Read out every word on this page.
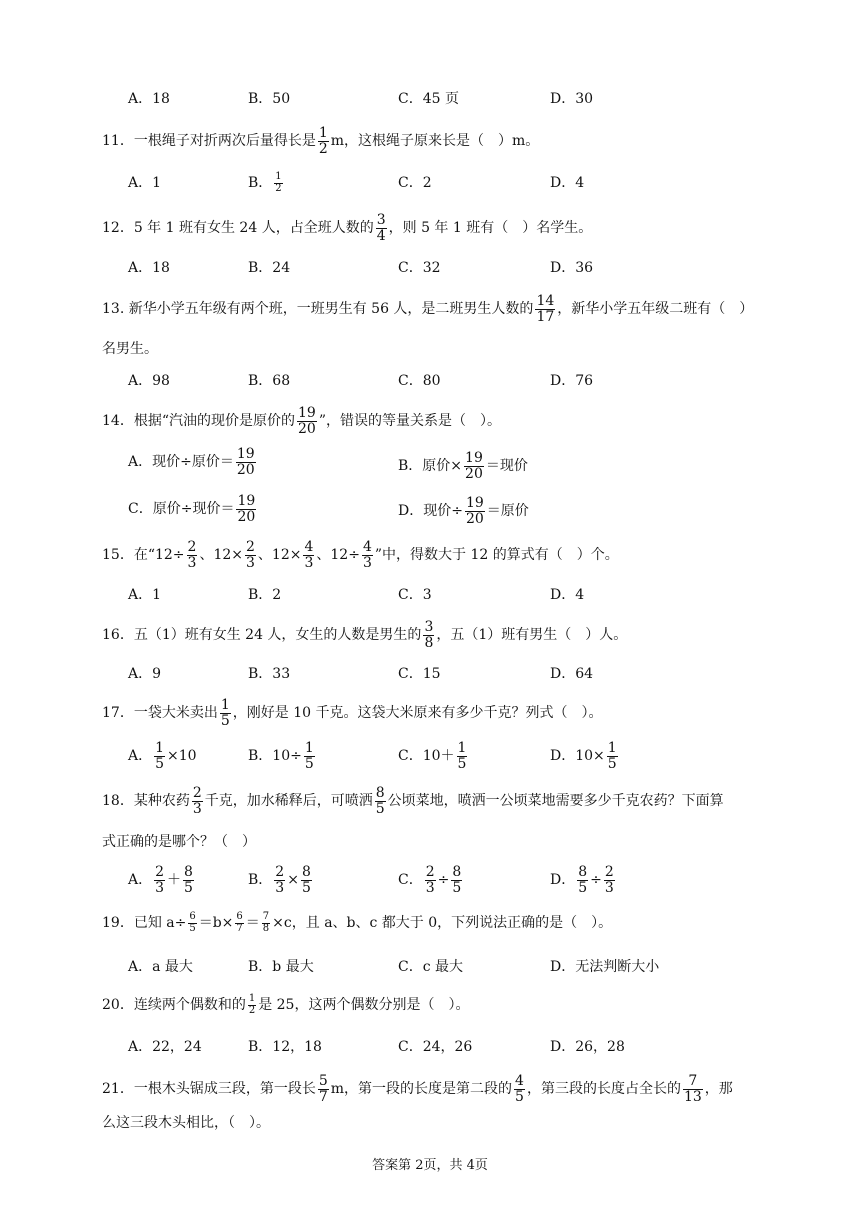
A．18	B．50	C．45 页	D．30
11．一根绳子对折两次后量得长是 $\frac{1}{2}$ m，这根绳子原来长是（　）m。
A．1	B． $\frac{1}{2}$	C．2	D．4
12．5 年 1 班有女生 24 人，占全班人数的 $\frac{3}{4}$ ，则 5 年 1 班有（　）名学生。
A．18	B．24	C．32	D．36
13. 新华小学五年级有两个班，一班男生有 56 人，是二班男生人数的 $\frac{14}{17}$ ，新华小学五年级二班有（　）
名男生。
A．98	B．68	C．80	D．76
14．根据“汽油的现价是原价的 $\frac{19}{20}$ ”，错误的等量关系是（　）。
A．现价÷原价＝ $\frac{19}{20}$	B．原价× $\frac{19}{20}$ ＝现价
C．原价÷现价＝ $\frac{19}{20}$	D．现价÷ $\frac{19}{20}$ ＝原价
15．在“$12\div \frac{2}{3}$ 、$12\times \frac{2}{3}$ 、$12\times \frac{4}{3}$ 、$12\div \frac{4}{3}$ ”中，得数大于 12 的算式有（　）个。
A．1	B．2	C．3	D．4
16．五（1）班有女生 24 人，女生的人数是男生的 $\frac{3}{8}$ ，五（1）班有男生（　）人。
A．9	B．33	C．15	D．64
17．一袋大米卖出 $\frac{1}{5}$ ，刚好是 10 千克。这袋大米原来有多少千克？列式（　）。
A． $\frac{1}{5} \times 10$	B．$10\div \frac{1}{5}$	C．$10+ \frac{1}{5}$	D．$10\times \frac{1}{5}$
18．某种农药 $\frac{2}{3}$ 千克，加水稀释后，可喷洒 $\frac{8}{5}$ 公顷菜地，喷洒一公顷菜地需要多少千克农药？下面算
式正确的是哪个？（　）
A． $\frac{2}{3} + \frac{8}{5}$	B． $\frac{2}{3} \times \frac{8}{5}$	C． $\frac{2}{3} \div \frac{8}{5}$	D． $\frac{8}{5} \div \frac{2}{3}$
19．已知 $a\div \frac{6}{5} =b\times \frac{6}{7} = \frac{7}{8} \times c$，且 a、b、c 都大于 0，下列说法正确的是（　）。
A．a 最大	B．b 最大	C．c 最大	D．无法判断大小
20．连续两个偶数和的 $\frac{1}{2}$ 是 25，这两个偶数分别是（　）。
A．22，24	B．12，18	C．24，26	D．26，28
21．一根木头锯成三段，第一段长 $\frac{5}{7}$ m，第一段的长度是第二段的 $\frac{4}{5}$ ，第三段的长度占全长的 $\frac{7}{13}$ ，那
么这三段木头相比，（　）。
答案第 2页，共 4页
